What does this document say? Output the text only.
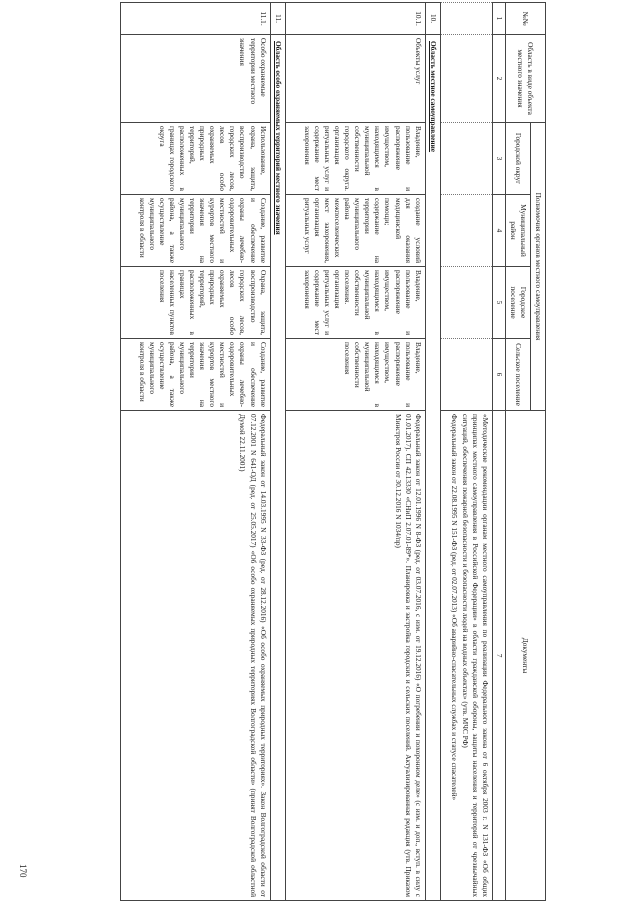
170
№№	Область в виде объекта местного значения	Полномочия органов местного самоуправления				Документы
		Городской округ	Муниципальный район	Городское поселение	Сельское поселение	
1	2	3	4	5	6	7

						«Методические рекомендации органам местного самоуправления по реализации Федерального закона от 6 октября 2003 г. N 131-ФЗ «Об общих принципах местного самоуправления в Российской Федерации» в области гражданской обороны, защиты населения и территорий от чрезвычайных ситуаций, обеспечения пожарной безопасности и безопасности людей на водных объектах» (утв. МЧС РФ)

Федеральный закон от 22.08.1995 N 151-ФЗ (ред. от 02.07.2013) «Об аварийно-спасательных службах и статусе спасателей»

10.	Область местное самоуправление					
10.1.	Объекты услуг	Владение, пользование и распоряжение имуществом, находящимся в муниципальной собственности городского округа. организация ритуальных услуг и содержание мест захоронения	создание условий для оказания медицинской помощи; содержание на территории муниципального района межпоселенческих мест захоронения, организация ритуальных услуг	Владение, пользование и распоряжение имуществом, находящимся в муниципальной собственности поселения. организация ритуальных услуг и содержание мест захоронения	Владение, пользование и распоряжение имуществом, находящимся в муниципальной собственности поселения	Федеральный закон от 12.01.1996 N 8-ФЗ (ред. от 03.07.2016, с изм. от 19.12.2016) «О погребении и похоронном деле» (с изм. и доп., вступ. в силу с 01.01.2017). СП 42.13330 «СНиП 2.07.01-89*». Планировка и застройка городских и сельских поселений. Актуализированная редакция (утв. Приказом Минстроя России от 30.12.2016 N 1034/пр)
11.	Область особо охраняемых территорий местного значения					
11.1.	Особо охраняемые территории местного значения	Использование, охрана, защита, воспроизводство городских лесов, лесов особо охраняемых природных территорий, расположенных в границах городского округа	Создание, развитие и обеспечение охраны лечебно-оздоровительных местностей и курортов местного значения на территории муниципального района, а также осуществление муниципального контроля в области	Охрана, защита, воспроизводство городских лесов, лесов особо охраняемых природных территорий, расположенных в границах населенных пунктов поселения	Создание, развитие и обеспечение охраны лечебно-оздоровительных местностей и курортов местного значения на территории муниципального района, а также осуществление муниципального контроля в области	Федеральный закон от 14.03.1995 N 33-ФЗ (ред. от 28.12.2016) «Об особо охраняемых природных территориях». Закон Волгоградской области от 07.12.2001 N 641-ОД (ред. от 25.05.2017) «Об особо охраняемых природных территориях Волгоградской области» (принят Волгоградской областной Думой 22.11.2001)
